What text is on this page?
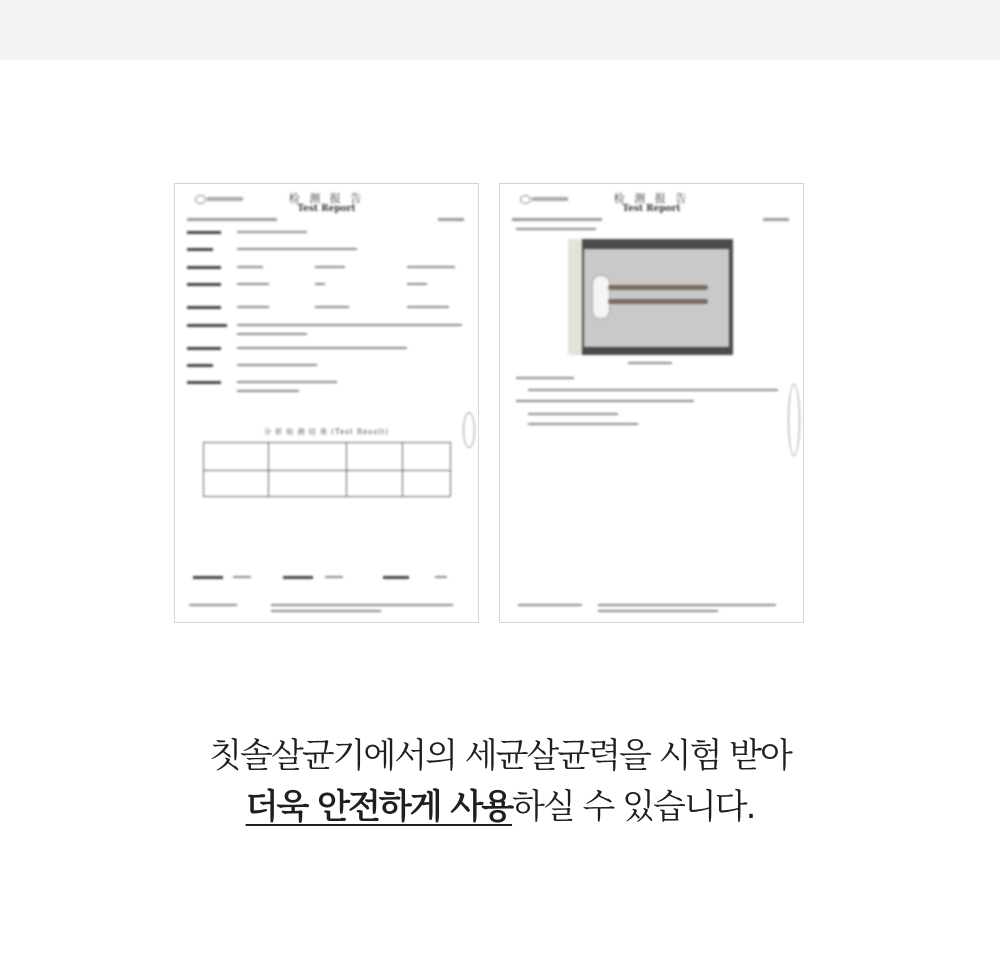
检 测 报 告
Test Report
分 析 检 测 结 果 (Test Result)
检 测 报 告
Test Report
칫솔살균기에서의 세균살균력을 시험 받아
더욱 안전하게 사용하실 수 있습니다.
